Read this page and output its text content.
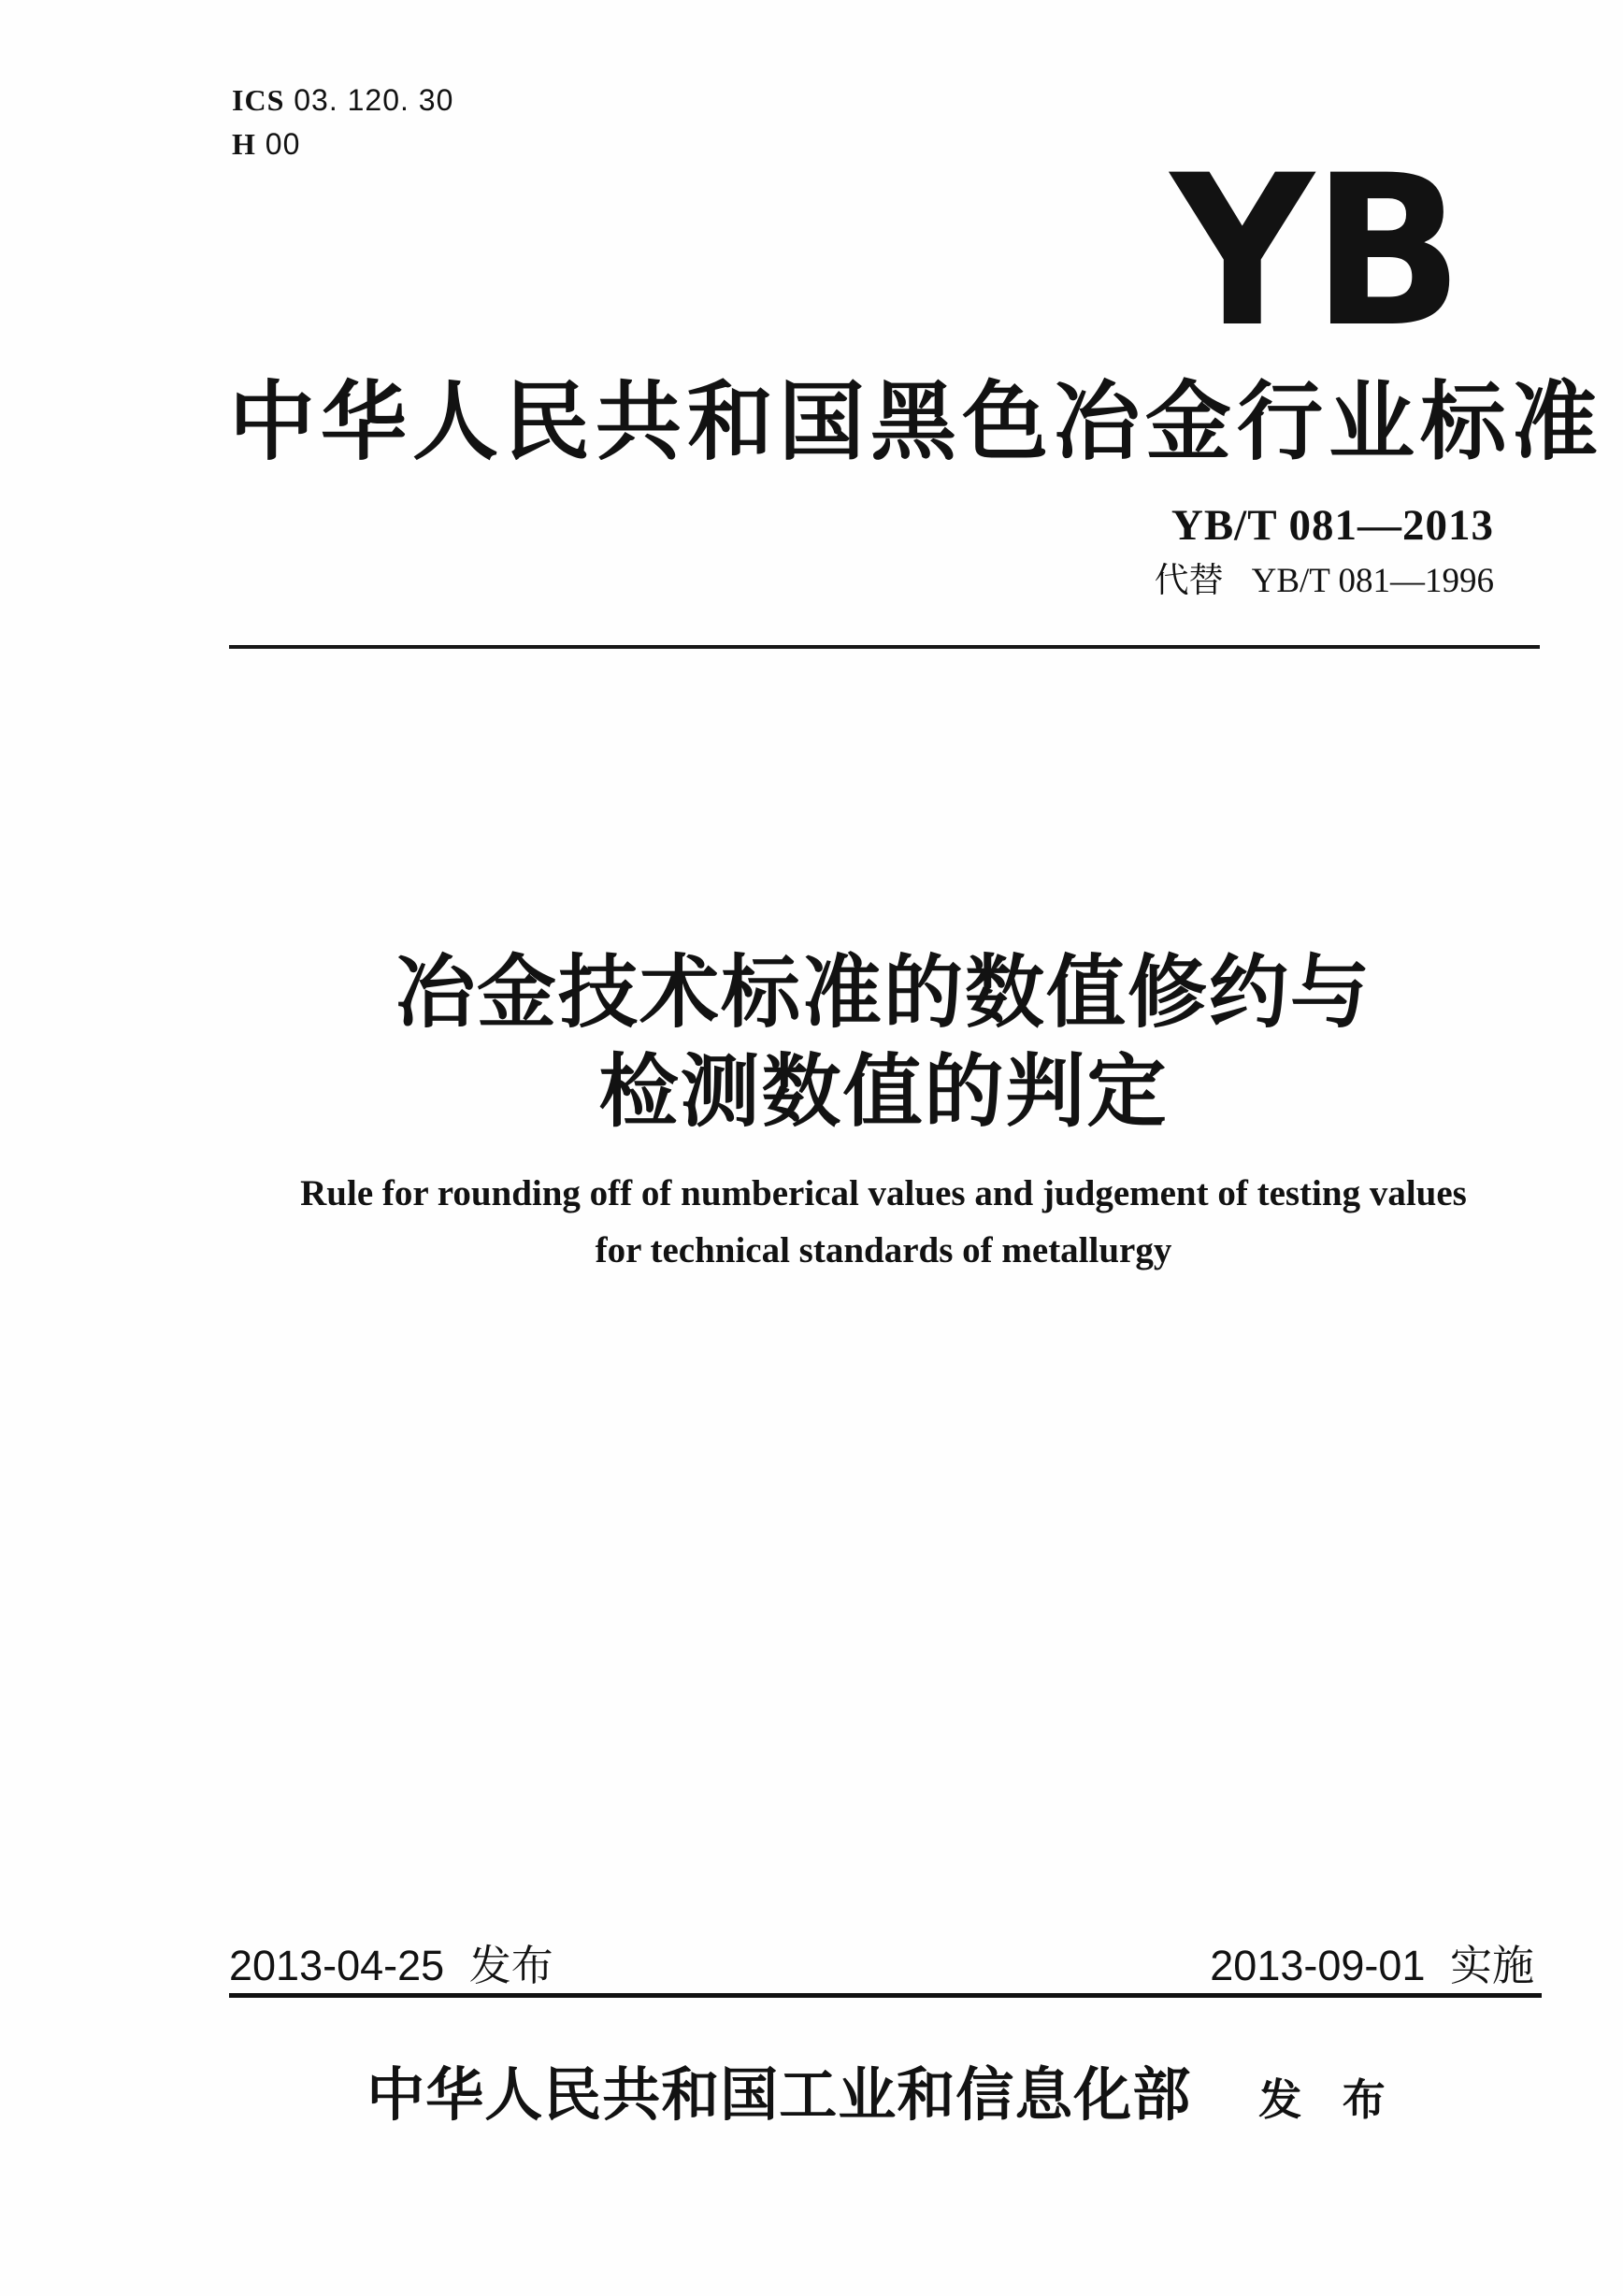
ICS 03. 120. 30
H 00	YB
中华人民共和国黑色冶金行业标准
YB/T 081—2013
代替 YB/T 081—1996
冶金技术标准的数值修约与
检测数值的判定
Rule for rounding off of numberical values and judgement of testing values
for technical standards of metallurgy
2013-04-25 发布	2013-09-01 实施
中华人民共和国工业和信息化部 发 布
